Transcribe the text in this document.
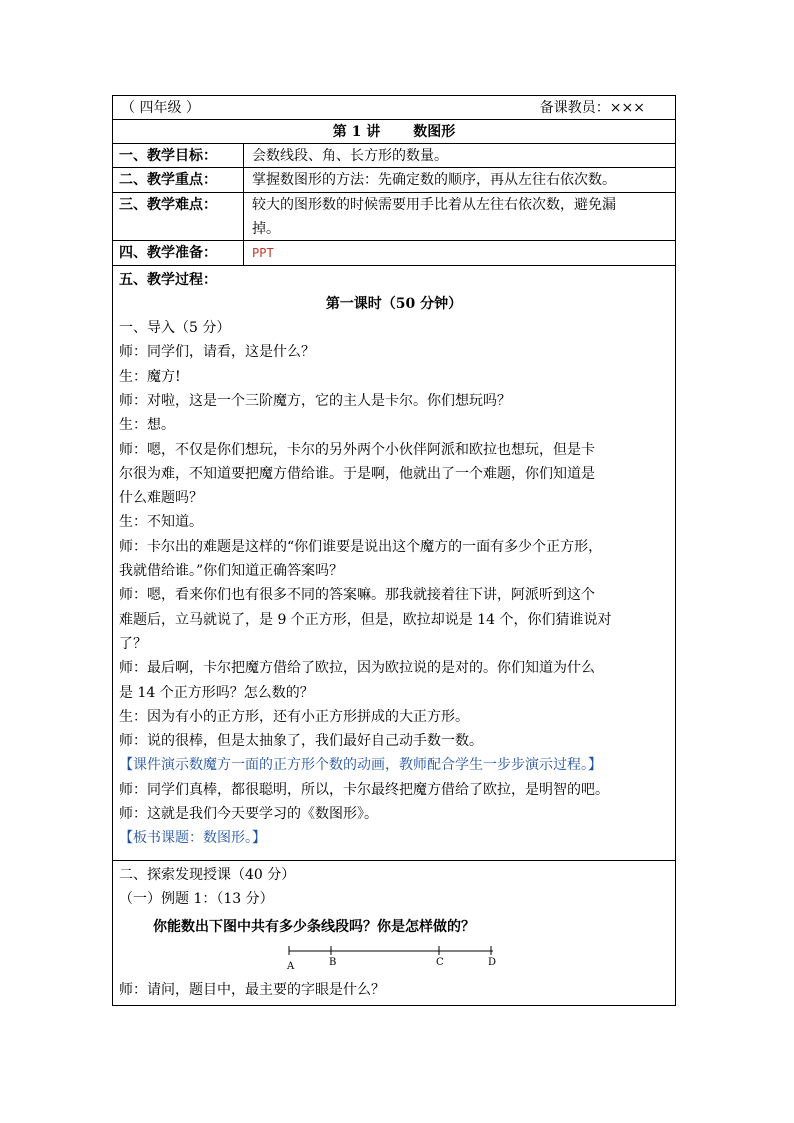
（ 四年级 ）	备课教员：×××
第 1 讲 数图形
一、教学目标：	会数线段、角、长方形的数量。
二、教学重点：	掌握数图形的方法：先确定数的顺序，再从左往右依次数。
三、教学难点：	较大的图形数的时候需要用手比着从左往右依次数，避免漏
掉。
四、教学准备：	PPT
五、教学过程：
第一课时（50 分钟）
一、导入（5 分）
师：同学们，请看，这是什么？
生：魔方!
师：对啦，这是一个三阶魔方，它的主人是卡尔。你们想玩吗？
生：想。
师：嗯，不仅是你们想玩，卡尔的另外两个小伙伴阿派和欧拉也想玩，但是卡
尔很为难，不知道要把魔方借给谁。于是啊，他就出了一个难题，你们知道是
什么难题吗？
生：不知道。
师：卡尔出的难题是这样的“你们谁要是说出这个魔方的一面有多少个正方形，
我就借给谁。”你们知道正确答案吗？
师：嗯，看来你们也有很多不同的答案嘛。那我就接着往下讲，阿派听到这个
难题后，立马就说了，是 9 个正方形，但是，欧拉却说是 14 个，你们猜谁说对
了？
师：最后啊，卡尔把魔方借给了欧拉，因为欧拉说的是对的。你们知道为什么
是 14 个正方形吗？怎么数的？
生：因为有小的正方形，还有小正方形拼成的大正方形。
师：说的很棒，但是太抽象了，我们最好自己动手数一数。
【课件演示数魔方一面的正方形个数的动画，教师配合学生一步步演示过程。】
师：同学们真棒，都很聪明，所以，卡尔最终把魔方借给了欧拉，是明智的吧。
师：这就是我们今天要学习的《数图形》。
【板书课题：数图形。】
二、探索发现授课（40 分）
（一）例题 1：（13 分）
你能数出下图中共有多少条线段吗？你是怎样做的？
A	B	C	D
师：请问，题目中，最主要的字眼是什么？
